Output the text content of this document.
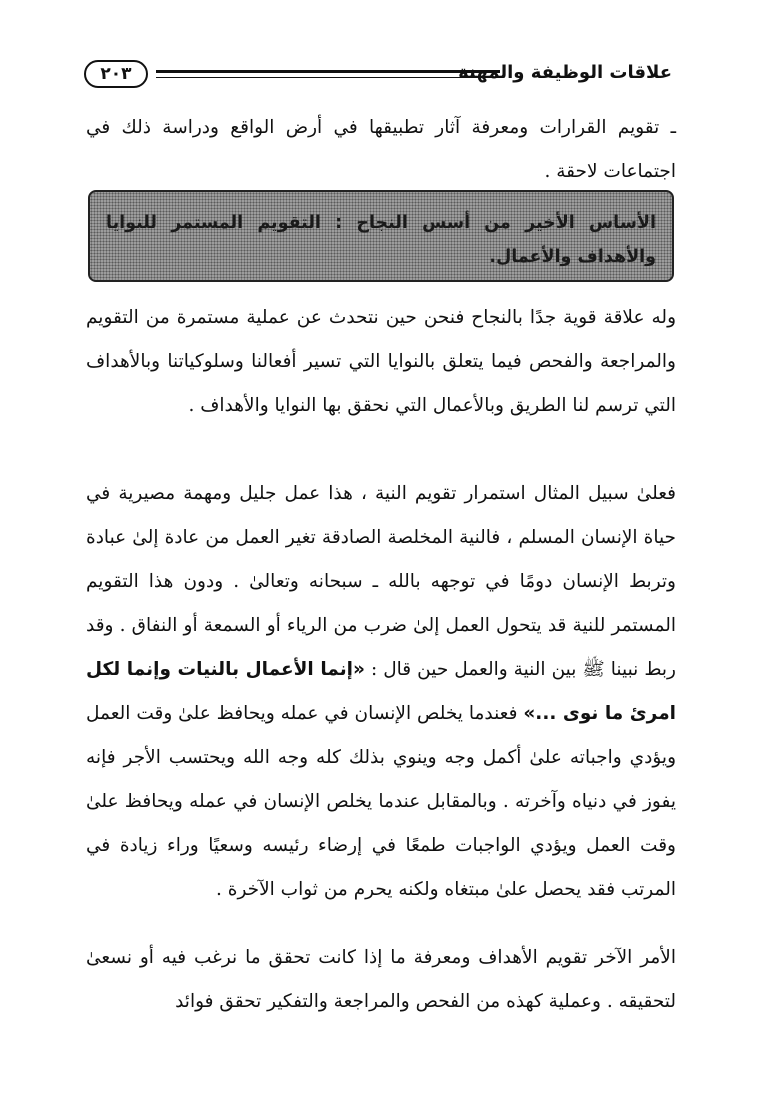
علاقات الوظيفة والمهنة
٢٠٣

ـ تقويم القرارات ومعرفة آثار تطبيقها في أرض الواقع ودراسة ذلك في اجتماعات لاحقة .

الأساس الأخير من أسس النجاح : التقويم المستمر للنوايا والأهداف والأعمال.

وله علاقة قوية جدًا بالنجاح فنحن حين نتحدث عن عملية مستمرة من التقويم والمراجعة والفحص فيما يتعلق بالنوايا التي تسير أفعالنا وسلوكياتنا وبالأهداف التي ترسم لنا الطريق وبالأعمال التي نحقق بها النوايا والأهداف .

فعلىٰ سبيل المثال استمرار تقويم النية ، هذا عمل جليل ومهمة مصيرية في حياة الإنسان المسلم ، فالنية المخلصة الصادقة تغير العمل من عادة إلىٰ عبادة وتربط الإنسان دومًا في توجهه بالله ـ سبحانه وتعالىٰ . ودون هذا التقويم المستمر للنية قد يتحول العمل إلىٰ ضرب من الرياء أو السمعة أو النفاق . وقد ربط نبينا ﷺ بين النية والعمل حين قال : «إنما الأعمال بالنيات وإنما لكل امرئ ما نوى ...» فعندما يخلص الإنسان في عمله ويحافظ علىٰ وقت العمل ويؤدي واجباته علىٰ أكمل وجه وينوي بذلك كله وجه الله ويحتسب الأجر فإنه يفوز في دنياه وآخرته . وبالمقابل عندما يخلص الإنسان في عمله ويحافظ علىٰ وقت العمل ويؤدي الواجبات طمعًا في إرضاء رئيسه وسعيًا وراء زيادة في المرتب فقد يحصل علىٰ مبتغاه ولكنه يحرم من ثواب الآخرة .

الأمر الآخر تقويم الأهداف ومعرفة ما إذا كانت تحقق ما نرغب فيه أو نسعىٰ لتحقيقه . وعملية كهذه من الفحص والمراجعة والتفكير تحقق فوائد
